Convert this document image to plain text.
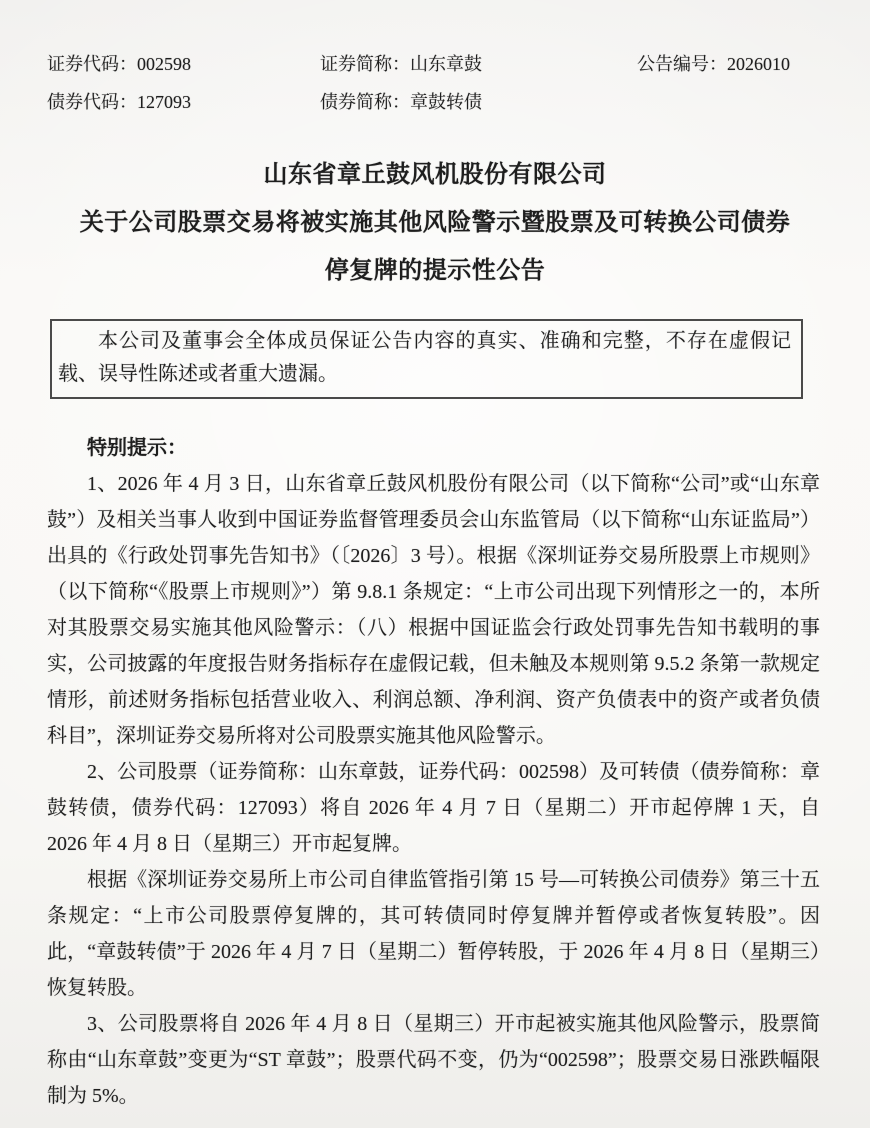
证券代码：002598	证券简称：山东章鼓	公告编号：2026010
债券代码：127093	债券简称：章鼓转债
山东省章丘鼓风机股份有限公司
关于公司股票交易将被实施其他风险警示暨股票及可转换公司债券
停复牌的提示性公告

本公司及董事会全体成员保证公告内容的真实、准确和完整，不存在虚假记载、误导性陈述或者重大遗漏。

特别提示：

1、2026 年 4 月 3 日，山东省章丘鼓风机股份有限公司（以下简称“公司”或“山东章鼓”）及相关当事人收到中国证券监督管理委员会山东监管局（以下简称“山东证监局”）出具的《行政处罚事先告知书》（〔2026〕3 号）。根据《深圳证券交易所股票上市规则》（以下简称“《股票上市规则》”）第 9.8.1 条规定：“上市公司出现下列情形之一的，本所对其股票交易实施其他风险警示：（八）根据中国证监会行政处罚事先告知书载明的事实，公司披露的年度报告财务指标存在虚假记载，但未触及本规则第 9.5.2 条第一款规定情形，前述财务指标包括营业收入、利润总额、净利润、资产负债表中的资产或者负债科目”，深圳证券交易所将对公司股票实施其他风险警示。

2、公司股票（证券简称：山东章鼓，证券代码：002598）及可转债（债券简称：章鼓转债，债券代码：127093）将自 2026 年 4 月 7 日（星期二）开市起停牌 1 天，自 2026 年 4 月 8 日（星期三）开市起复牌。

根据《深圳证券交易所上市公司自律监管指引第 15 号—可转换公司债券》第三十五条规定：“上市公司股票停复牌的，其可转债同时停复牌并暂停或者恢复转股”。因此，“章鼓转债”于 2026 年 4 月 7 日（星期二）暂停转股，于 2026 年 4 月 8 日（星期三）恢复转股。

3、公司股票将自 2026 年 4 月 8 日（星期三）开市起被实施其他风险警示，股票简称由“山东章鼓”变更为“ST 章鼓”；股票代码不变，仍为“002598”；股票交易日涨跌幅限制为 5%。
